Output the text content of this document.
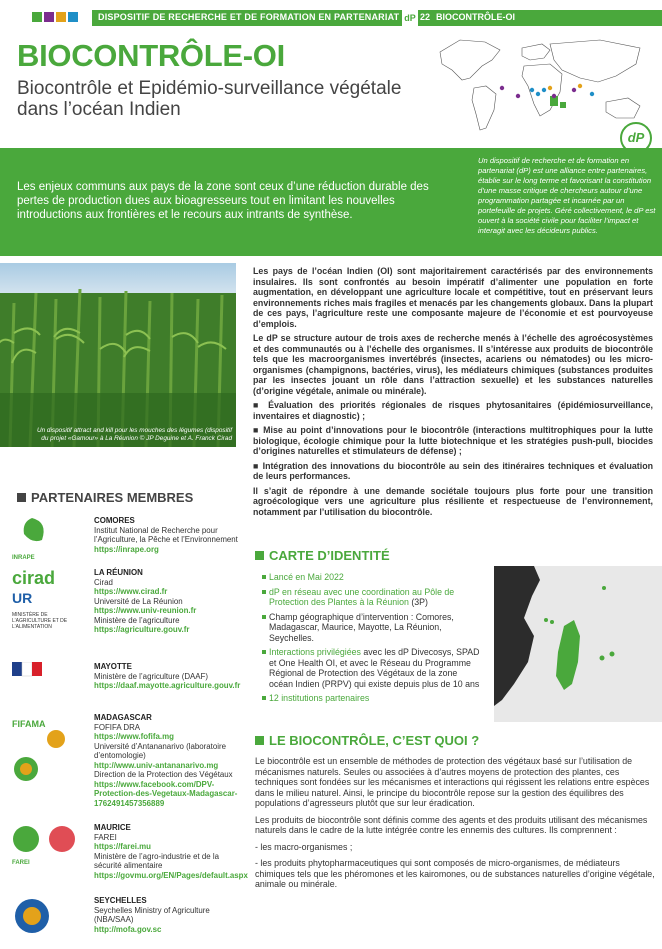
DISPOSITIF DE RECHERCHE ET DE FORMATION EN PARTENARIAT dP 22 BIOCONTRÔLE-OI
BIOCONTRÔLE-OI
Biocontrôle et Epidémio-surveillance végétale dans l’océan Indien
dP

Les enjeux communs aux pays de la zone sont ceux d’une réduction durable des pertes de production dues aux bioagresseurs tout en limitant les nouvelles introductions aux frontières et le recours aux intrants de synthèse.

Un dispositif de recherche et de formation en partenariat (dP) est une alliance entre partenaires, établie sur le long terme et favorisant la constitution d’une masse critique de chercheurs autour d’une programmation partagée et incarnée par un portefeuille de projets. Géré collectivement, le dP est ouvert à la société civile pour faciliter l’impact et interagit avec les décideurs publics.

Un dispositif attract and kill pour les mouches des légumes (dispositif du projet «Gamour» à La Réunion © JP Deguine et A. Franck Cirad

PARTENAIRES MEMBRES
INRAPE
COMORES
Institut National de Recherche pour l’Agriculture, la Pêche et l’Environnement
https://inrape.org
cirad
UR
MINISTÈRE DE L’AGRICULTURE ET DE L’ALIMENTATION
LA RÉUNION
Cirad
https://www.cirad.fr
Université de La Réunion
https://www.univ-reunion.fr
Ministère de l’agriculture
https://agriculture.gouv.fr
MAYOTTE
Ministère de l’agriculture (DAAF)
https://daaf.mayotte.agriculture.gouv.fr
FIFAMA
MADAGASCAR
FOFIFA DRA
https://www.fofifa.mg
Université d’Antananarivo (laboratoire d’entomologie)
http://www.univ-antananarivo.mg
Direction de la Protection des Végétaux
https://www.facebook.com/DPV-Protection-des-Vegetaux-Madagascar-1762491457356889
FAREI
MAURICE
FAREI
https://farei.mu
Ministère de l’agro-industrie et de la sécurité alimentaire
https://govmu.org/EN/Pages/default.aspx
SEYCHELLES
Seychelles Ministry of Agriculture (NBA/SAA)
http://mofa.gov.sc

Les pays de l’océan Indien (OI) sont majoritairement caractérisés par des environnements insulaires. Ils sont confrontés au besoin impératif d’alimenter une population en forte augmentation, en développant une agriculture locale et compétitive, tout en préservant leurs environnements riches mais fragiles et menacés par les changements globaux. Dans la plupart de ces pays, l’agriculture reste une composante majeure de l’économie et est pourvoyeuse d’emplois.

Le dP se structure autour de trois axes de recherche menés à l’échelle des agroécosystèmes et des communautés ou à l’échelle des organismes. Il s’intéresse aux produits de biocontrôle tels que les macroorganismes invertébrés (insectes, acariens ou nématodes) ou les micro-organismes (champignons, bactéries, virus), les médiateurs chimiques (substances produites par les insectes jouant un rôle dans l’attraction sexuelle) et les substances naturelles (d’origine végétale, animale ou minérale).

■ Évaluation des priorités régionales de risques phytosanitaires (épidémiosurveillance, inventaires et diagnostic) ;

■ Mise au point d’innovations pour le biocontrôle (interactions multitrophiques pour la lutte biologique, écologie chimique pour la lutte biotechnique et les stratégies push-pull, biocides d’origines naturelles et stimulateurs de défense) ;

■ Intégration des innovations du biocontrôle au sein des itinéraires techniques et évaluation de leurs performances.

Il s’agit de répondre à une demande sociétale toujours plus forte pour une transition agroécologique vers une agriculture plus résiliente et respectueuse de l’environnement, notamment par l’utilisation du biocontrôle.

CARTE D’IDENTITÉ
Lancé en Mai 2022
dP en réseau avec une coordination au Pôle de Protection des Plantes à la Réunion (3P)
Champ géographique d’intervention : Comores, Madagascar, Maurice, Mayotte, La Réunion, Seychelles.
Interactions privilégiées avec les dP Divecosys, SPAD et One Health OI, et avec le Réseau du Programme Régional de Protection des Végétaux de la zone océan Indien (PRPV) qui existe depuis plus de 10 ans
12 institutions partenaires
LE BIOCONTRÔLE, C’EST QUOI ?

Le biocontrôle est un ensemble de méthodes de protection des végétaux basé sur l’utilisation de mécanismes naturels. Seules ou associées à d’autres moyens de protection des plantes, ces techniques sont fondées sur les mécanismes et interactions qui régissent les relations entre espèces dans le milieu naturel. Ainsi, le principe du biocontrôle repose sur la gestion des équilibres des populations d’agresseurs plutôt que sur leur éradication.

Les produits de biocontrôle sont définis comme des agents et des produits utilisant des mécanismes naturels dans le cadre de la lutte intégrée contre les ennemis des cultures. Ils comprennent :

- les macro-organismes ;

- les produits phytopharmaceutiques qui sont composés de micro-organismes, de médiateurs chimiques tels que les phéromones et les kairomones, ou de substances naturelles d’origine végétale, animale ou minérale.
